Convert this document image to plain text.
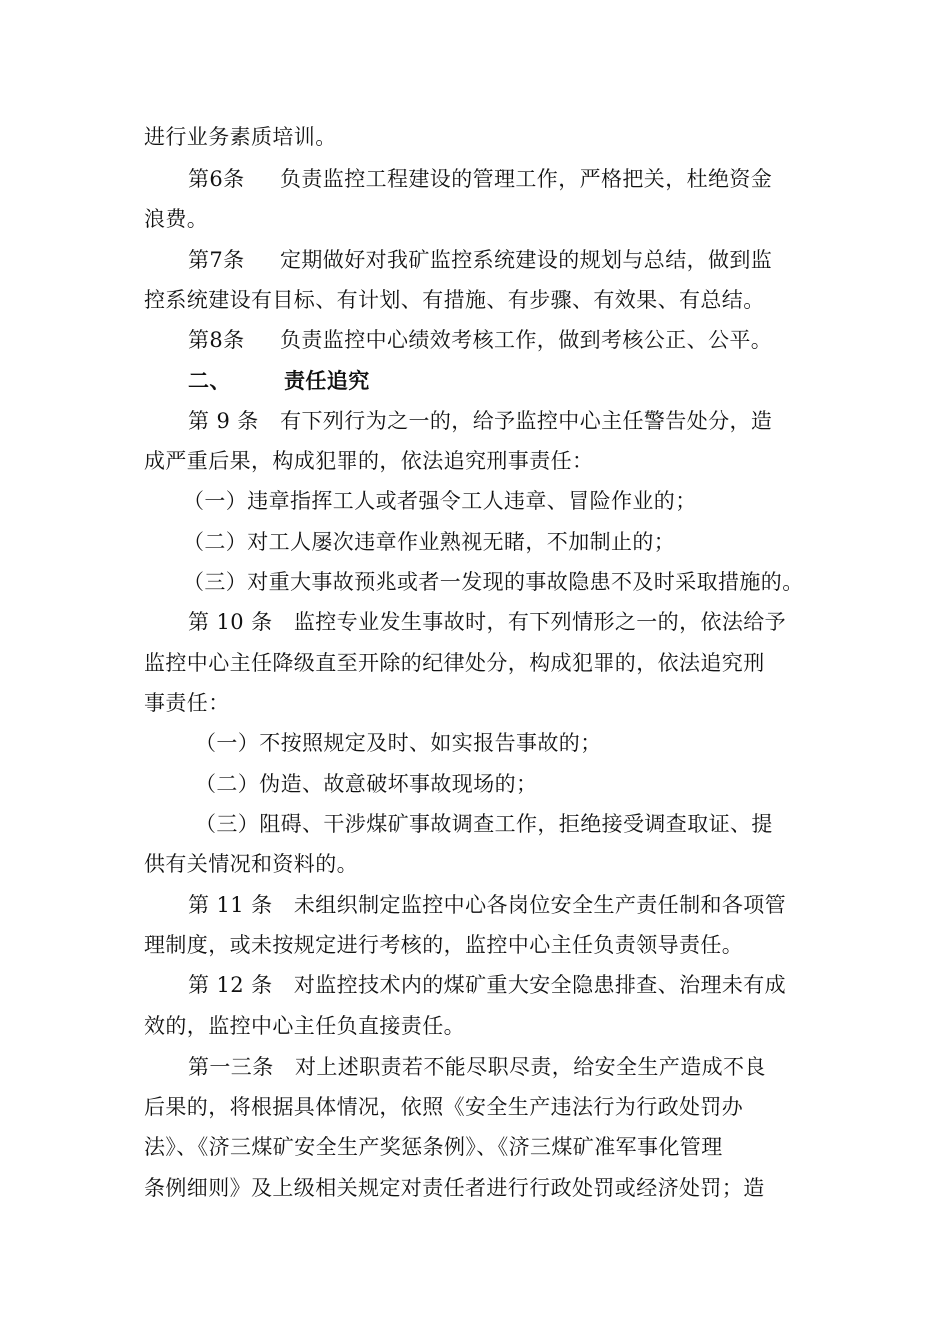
进行业务素质培训。
第6条 负责监控工程建设的管理工作，严格把关，杜绝资金
浪费。
第7条 定期做好对我矿监控系统建设的规划与总结，做到监
控系统建设有目标、有计划、有措施、有步骤、有效果、有总结。
第8条 负责监控中心绩效考核工作，做到考核公正、公平。
二、	责任追究
第 9 条　有下列行为之一的，给予监控中心主任警告处分，造
成严重后果，构成犯罪的，依法追究刑事责任：
（一）违章指挥工人或者强令工人违章、冒险作业的；
（二）对工人屡次违章作业熟视无睹，不加制止的；
（三）对重大事故预兆或者一发现的事故隐患不及时采取措施的。
第 10 条　监控专业发生事故时，有下列情形之一的，依法给予
监控中心主任降级直至开除的纪律处分，构成犯罪的，依法追究刑
事责任：
（一）不按照规定及时、如实报告事故的；
（二）伪造、故意破坏事故现场的；
（三）阻碍、干涉煤矿事故调查工作，拒绝接受调查取证、提
供有关情况和资料的。
第 11 条　未组织制定监控中心各岗位安全生产责任制和各项管
理制度，或未按规定进行考核的，监控中心主任负责领导责任。
第 12 条　对监控技术内的煤矿重大安全隐患排查、治理未有成
效的，监控中心主任负直接责任。
第一三条　对上述职责若不能尽职尽责，给安全生产造成不良
后果的，将根据具体情况，依照《安全生产违法行为行政处罚办
法》、《济三煤矿安全生产奖惩条例》、《济三煤矿准军事化管理
条例细则》及上级相关规定对责任者进行行政处罚或经济处罚；造
